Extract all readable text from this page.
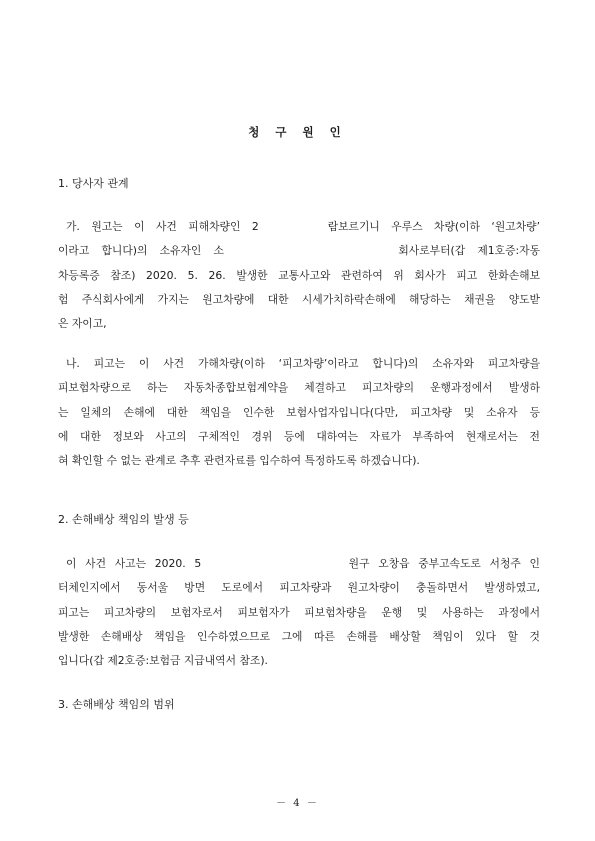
청 구 원 인
1. 당사자 관계
가. 원고는 이 사건 피해차량인 2	람보르기니 우루스 차량(이하 ‘원고차량’
이라고 합니다)의 소유자인 소	회사로부터(갑 제1호증:자동
차등록증 참조) 2020. 5. 26. 발생한 교통사고와 관련하여 위 회사가 피고 한화손해보
험 주식회사에게 가지는 원고차량에 대한 시세가치하락손해에 해당하는 채권을 양도받
은 자이고,
나. 피고는 이 사건 가해차량(이하 ‘피고차량’이라고 합니다)의 소유자와 피고차량을
피보험차량으로 하는 자동차종합보험계약을 체결하고 피고차량의 운행과정에서 발생하
는 일체의 손해에 대한 책임을 인수한 보험사업자입니다(다만, 피고차량 및 소유자 등
에 대한 정보와 사고의 구체적인 경위 등에 대하여는 자료가 부족하여 현재로서는 전
혀 확인할 수 없는 관계로 추후 관련자료를 입수하여 특정하도록 하겠습니다).
2. 손해배상 책임의 발생 등
이 사건 사고는 2020. 5	원구 오창읍 중부고속도로 서청주 인
터체인지에서 동서울 방면 도로에서 피고차량과 원고차량이 충돌하면서 발생하였고,
피고는 피고차량의 보험자로서 피보험자가 피보험차량을 운행 및 사용하는 과정에서
발생한 손해배상 책임을 인수하였으므로 그에 따른 손해를 배상할 책임이 있다 할 것
입니다(갑 제2호증:보험금 지급내역서 참조).
3. 손해배상 책임의 범위
－ 4 －
